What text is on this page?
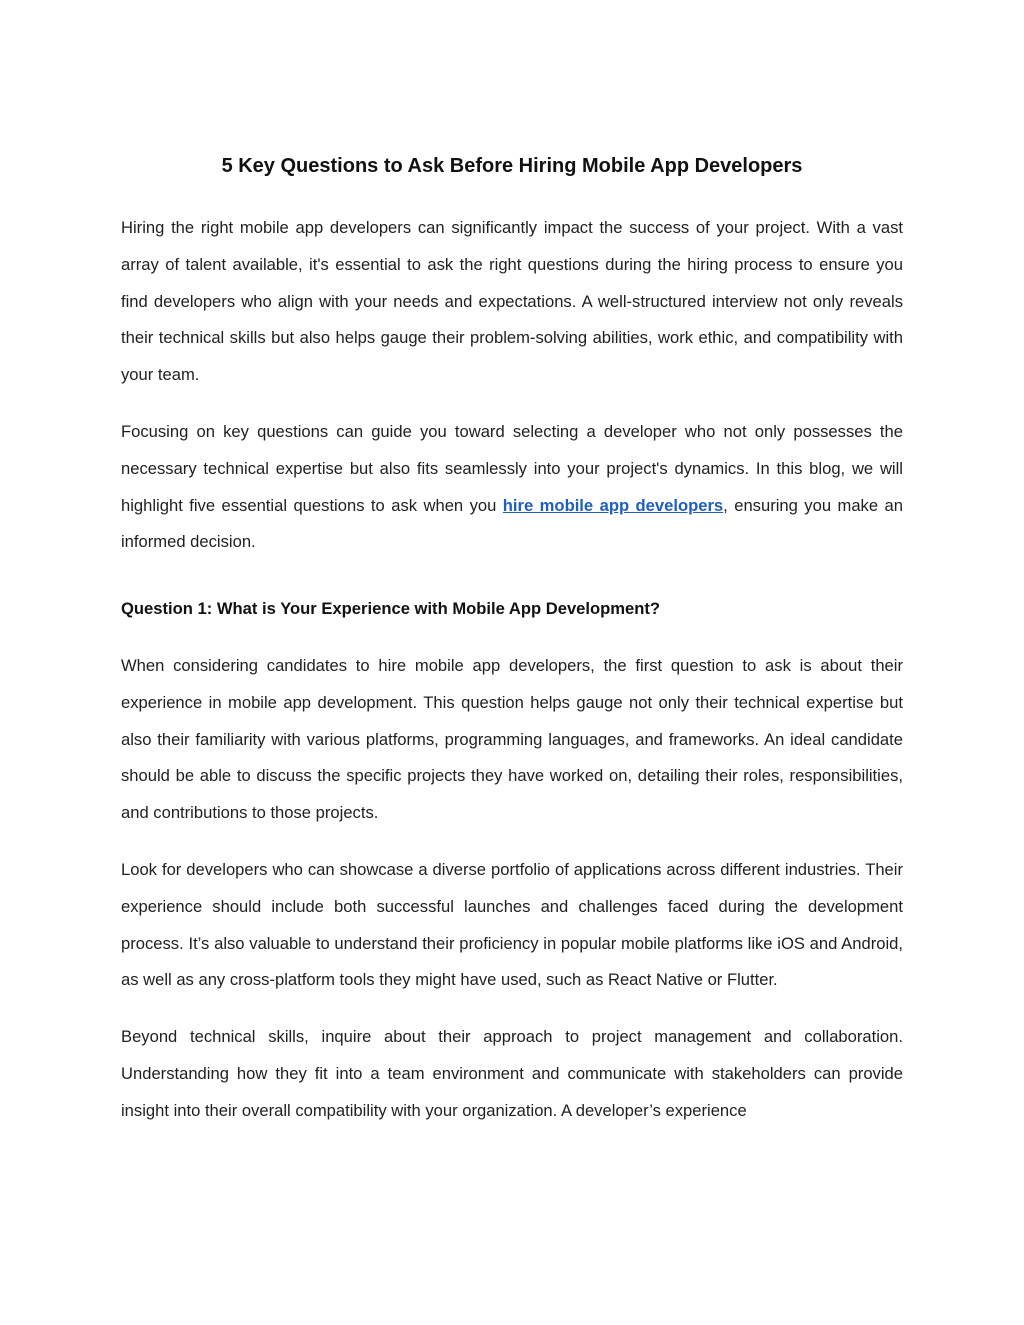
5 Key Questions to Ask Before Hiring Mobile App Developers

Hiring the right mobile app developers can significantly impact the success of your project. With a vast array of talent available, it's essential to ask the right questions during the hiring process to ensure you find developers who align with your needs and expectations. A well-structured interview not only reveals their technical skills but also helps gauge their problem-solving abilities, work ethic, and compatibility with your team.

Focusing on key questions can guide you toward selecting a developer who not only possesses the necessary technical expertise but also fits seamlessly into your project's dynamics. In this blog, we will highlight five essential questions to ask when you hire mobile app developers, ensuring you make an informed decision.

Question 1: What is Your Experience with Mobile App Development?

When considering candidates to hire mobile app developers, the first question to ask is about their experience in mobile app development. This question helps gauge not only their technical expertise but also their familiarity with various platforms, programming languages, and frameworks. An ideal candidate should be able to discuss the specific projects they have worked on, detailing their roles, responsibilities, and contributions to those projects.

Look for developers who can showcase a diverse portfolio of applications across different industries. Their experience should include both successful launches and challenges faced during the development process. It’s also valuable to understand their proficiency in popular mobile platforms like iOS and Android, as well as any cross-platform tools they might have used, such as React Native or Flutter.

Beyond technical skills, inquire about their approach to project management and collaboration. Understanding how they fit into a team environment and communicate with stakeholders can provide insight into their overall compatibility with your organization. A developer’s experience
